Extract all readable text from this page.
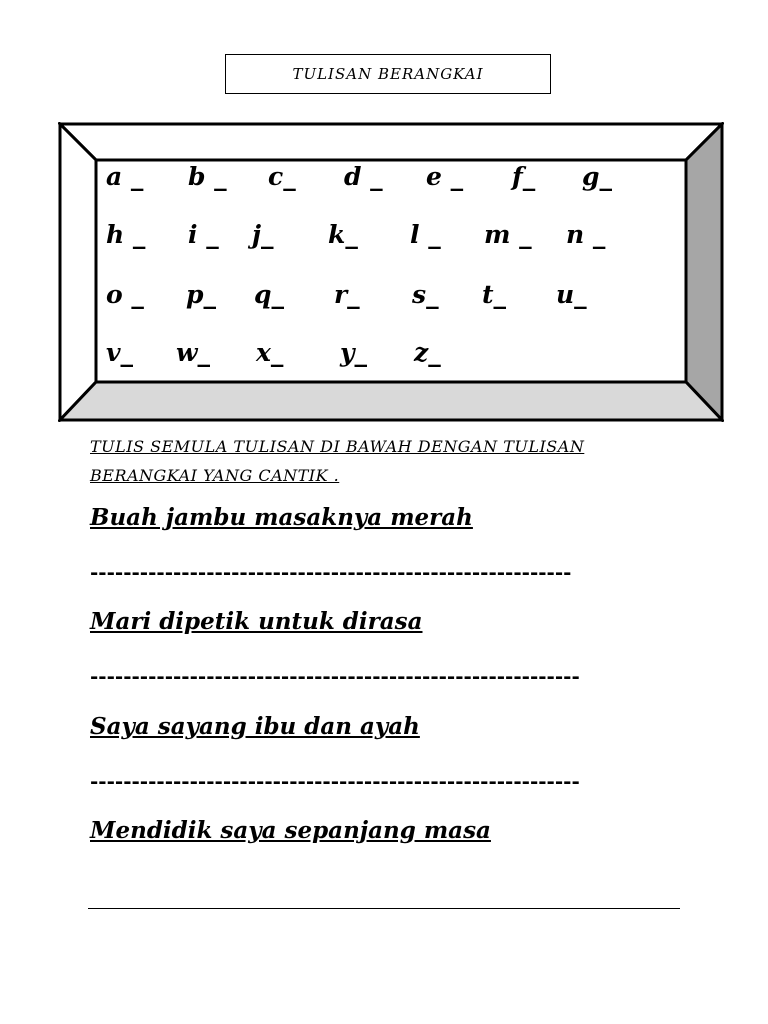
TULISAN BERANGKAI
a _ b _ c_ d _ e _ f_ g_
h _ i _ j_ k_ l _ m _ n _
o _ p_ q_ r_ s_ t_ u_
v_ w_ x_ y_ z_
TULIS SEMULA TULISAN DI BAWAH DENGAN TULISAN BERANGKAI YANG CANTIK .
Buah jambu masaknya merah
----------------------------------------------------------
Mari dipetik untuk dirasa
-----------------------------------------------------------
Saya sayang ibu dan ayah
-----------------------------------------------------------
Mendidik saya sepanjang masa
